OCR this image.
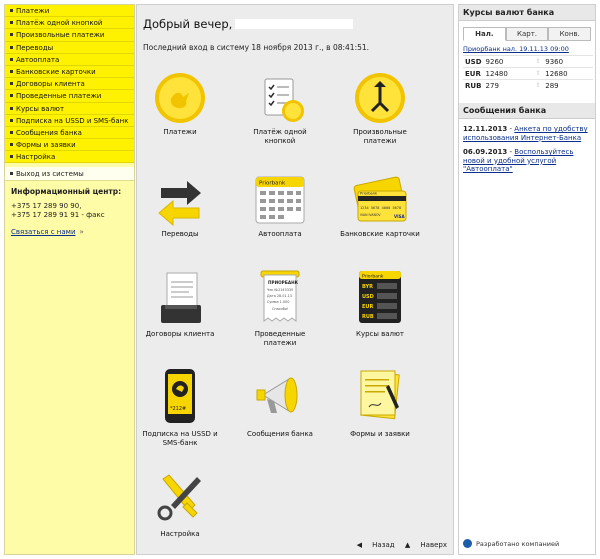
Платежи
Платёж одной кнопкой
Произвольные платежи
Переводы
Автооплата
Банковские карточки
Договоры клиента
Проведенные платежи
Курсы валют
Подписка на USSD и SMS-банк
Сообщения банка
Формы и заявки
Настройка
Выход из системы
Информационный центр:
+375 17 289 90 90,
+375 17 289 91 91 - факс
Связаться с нами »
Добрый вечер,
Последний вход в систему 18 ноября 2013 г., в 08:41:51.
Платежи	Платёж одной кнопкой
Произвольные платежи
Переводы
Priorbank
Автооплата
Priorbank
1234 5678 4000 5678
IVAN IVANOV	VISA
Банковские карточки
Договоры клиента
ПРИОРБАНК
Чек №2143335
Дата 28.01.13
Сумма 1.000
Спасибо!
Проведенные платежи
Priorbank
BYR
USD
EUR
RUB
Курсы валют
*212#
Подписка на USSD и SMS-банк
Сообщения банка	Формы и заявки
Настройка
◀ Назад ▲ Наверх
Курсы валют банка
Нал.	Карт.	Конв.
Приорбанк нал. 19.11.13 09:00
USD	9260	⇧	9360
EUR	12480	⇧	12680
RUB	279	⇧	289
Сообщения банка
12.11.2013 - Анкета по удобству использования Интернет-Банка
06.09.2013 - Воспользуйтесь новой и удобной услугой "Автооплата"
Разработано компанией
